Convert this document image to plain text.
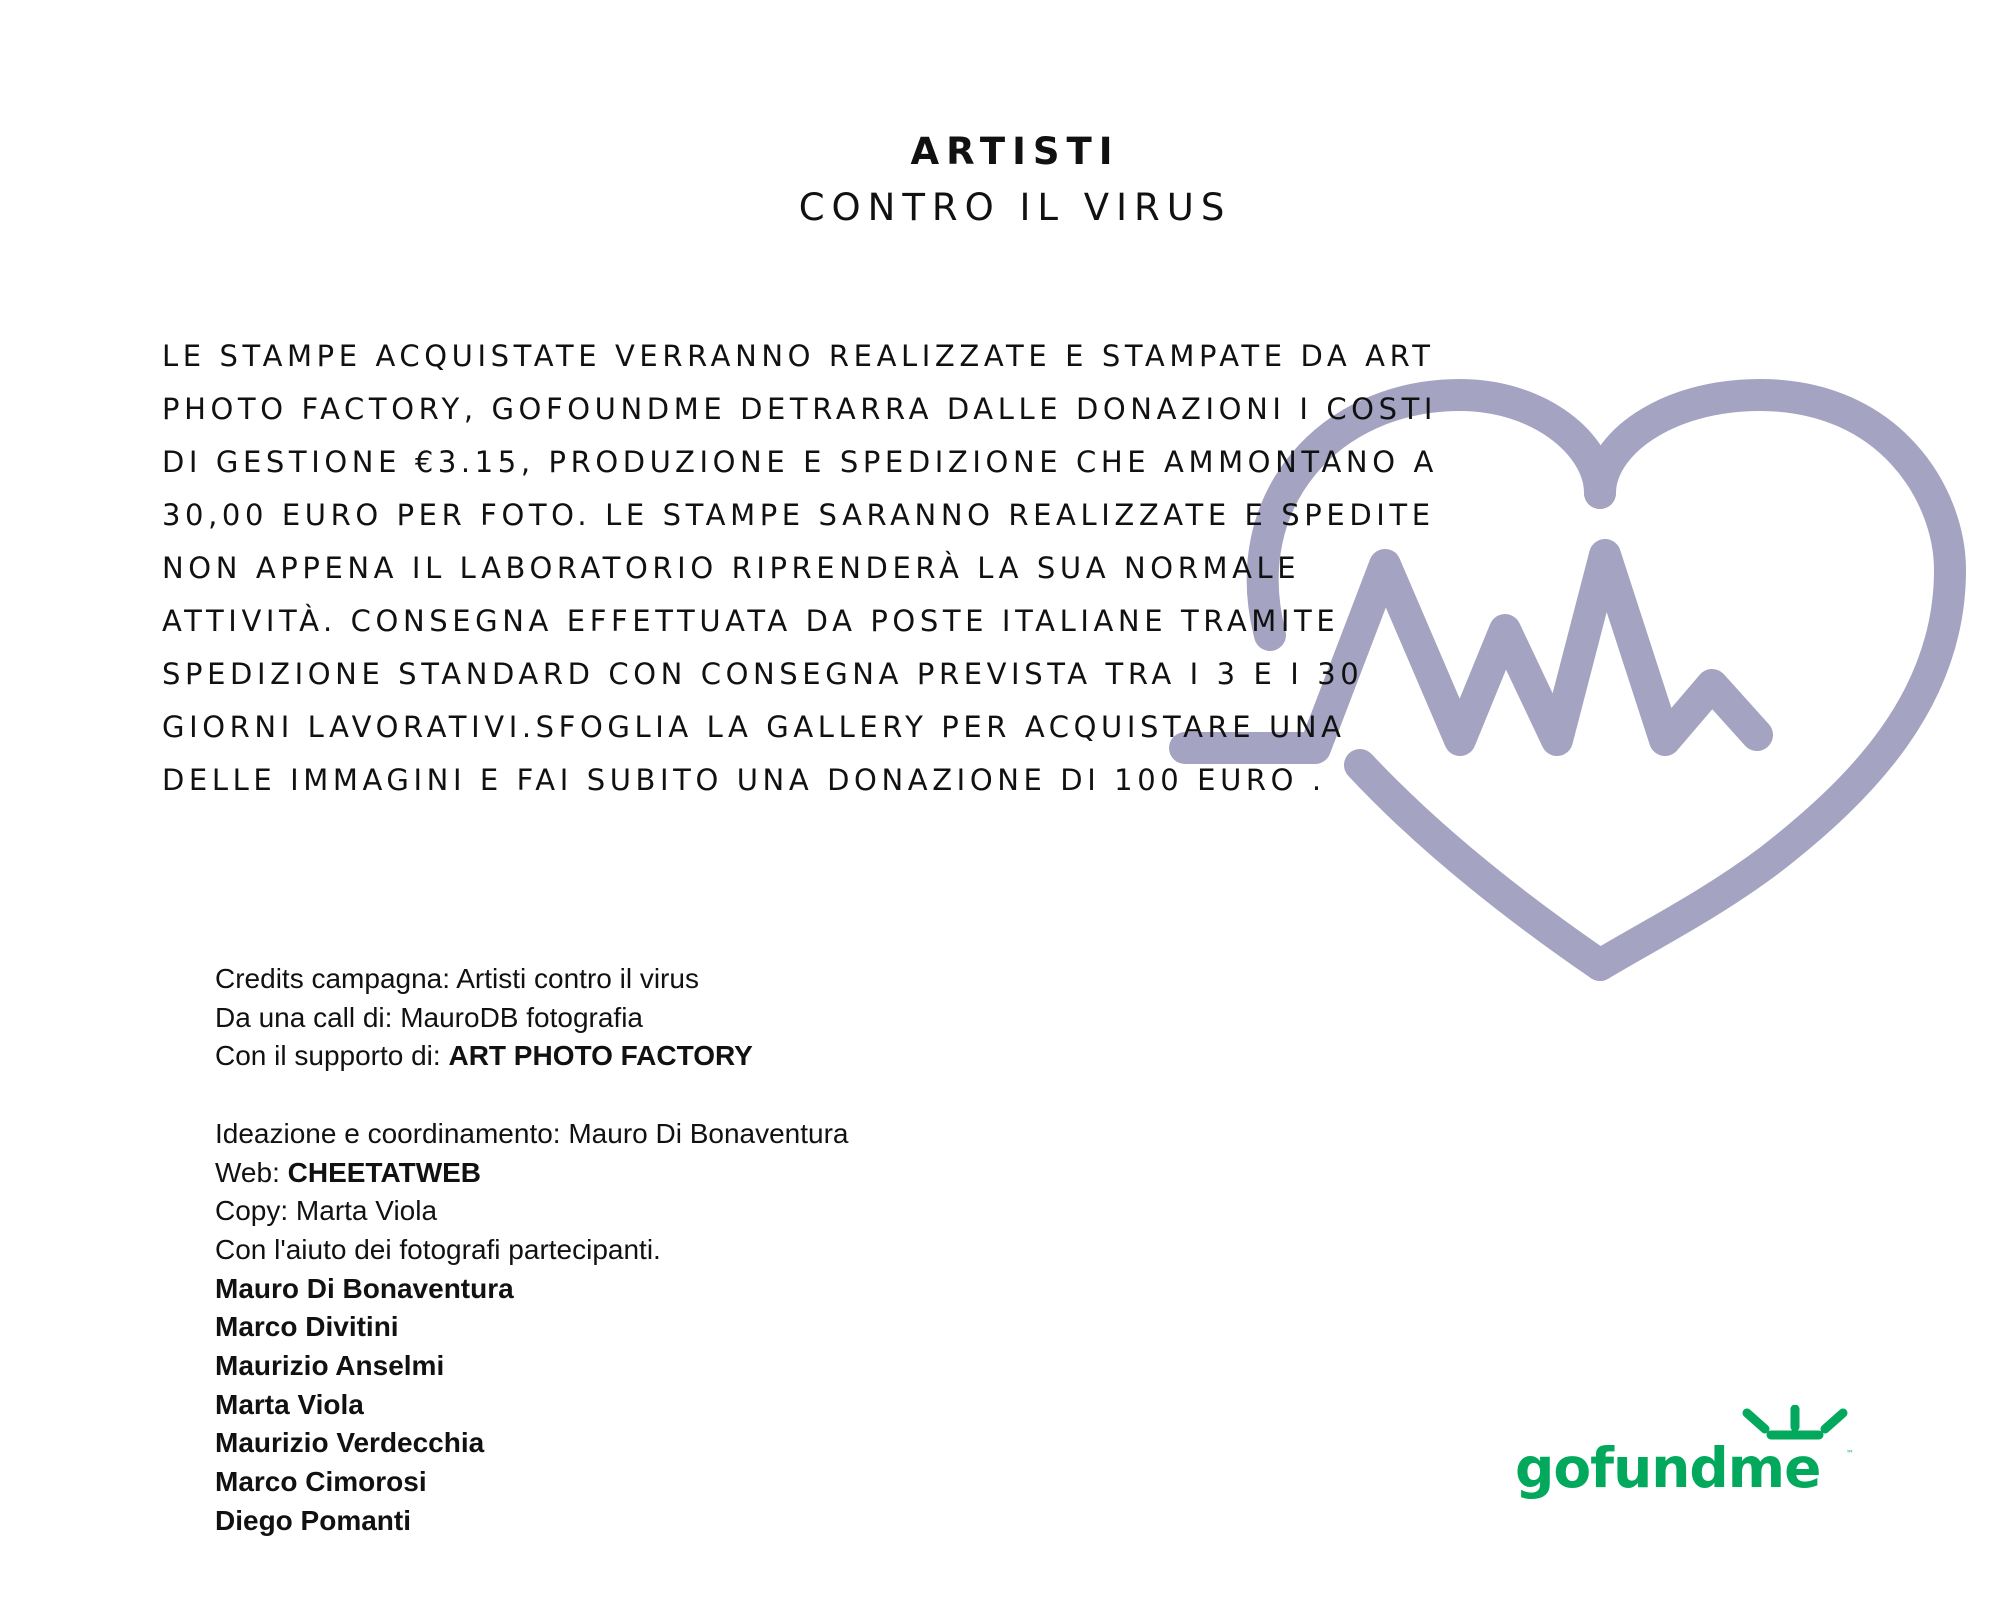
ARTISTI
CONTRO IL VIRUS

LE STAMPE ACQUISTATE VERRANNO REALIZZATE E STAMPATE DA ART PHOTO FACTORY, GOFOUNDME DETRARRA DALLE DONAZIONI I COSTI DI GESTIONE €3.15, PRODUZIONE E SPEDIZIONE CHE AMMONTANO A 30,00 EURO PER FOTO. LE STAMPE SARANNO REALIZZATE E SPEDITE NON APPENA IL LABORATORIO RIPRENDERÀ LA SUA NORMALE ATTIVITÀ. CONSEGNA EFFETTUATA DA POSTE ITALIANE TRAMITE SPEDIZIONE STANDARD CON CONSEGNA PREVISTA TRA I 3 E I 30 GIORNI LAVORATIVI.SFOGLIA LA GALLERY PER ACQUISTARE UNA DELLE IMMAGINI E FAI SUBITO UNA DONAZIONE DI 100 EURO .

Credits campagna: Artisti contro il virus
Da una call di: MauroDB fotografia
Con il supporto di: ART PHOTO FACTORY
Ideazione e coordinamento: Mauro Di Bonaventura
Web: CHEETATWEB
Copy: Marta Viola
Con l'aiuto dei fotografi partecipanti.
Mauro Di Bonaventura
Marco Divitini
Maurizio Anselmi
Marta Viola
Maurizio Verdecchia
Marco Cimorosi
Diego Pomanti
gofundme	™
